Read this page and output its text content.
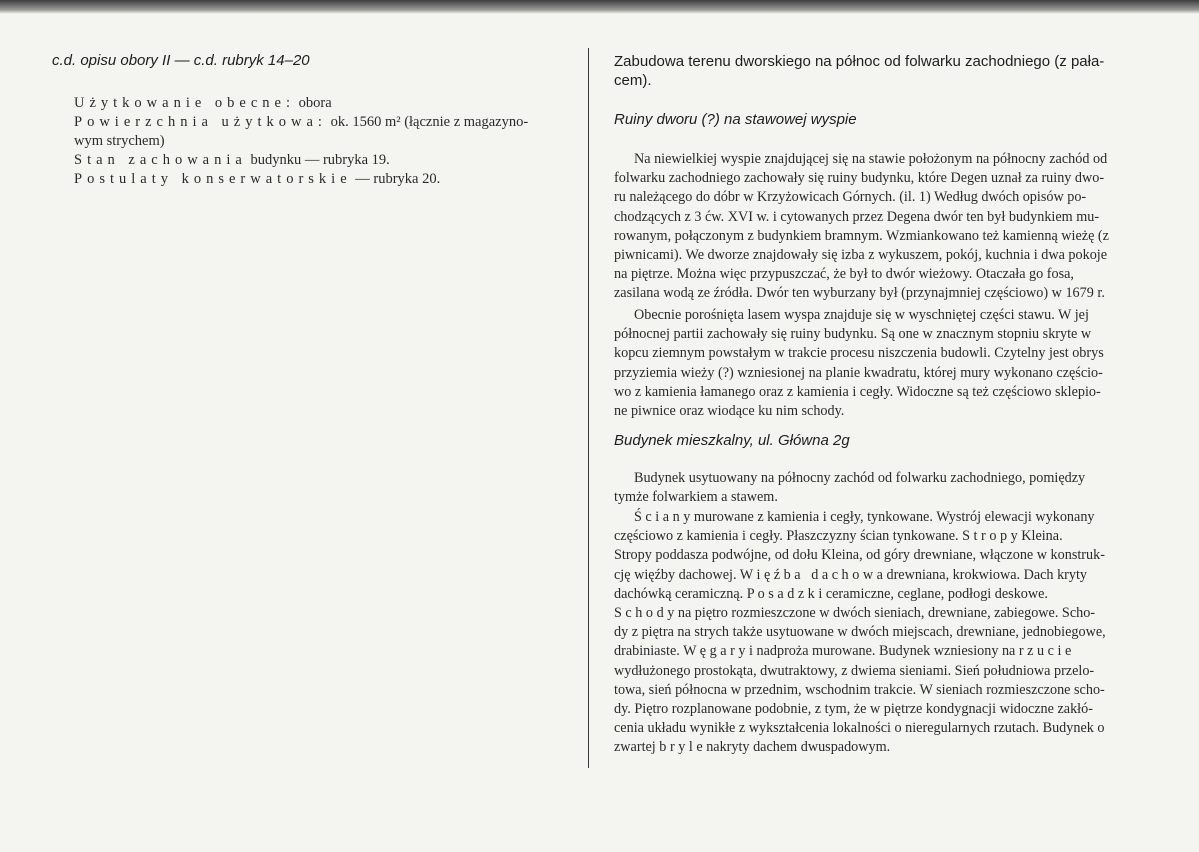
c.d. opisu obory II — c.d. rubryk 14–20
Użytkowanie obecne: obora
Powierzchnia użytkowa: ok. 1560 m² (łącznie z magazyno-
wym strychem)
Stan zachowania budynku — rubryka 19.
Postulaty konserwatorskie — rubryka 20.
Zabudowa terenu dworskiego na północ od folwarku zachodniego (z pała-
cem).
Ruiny dworu (?) na stawowej wyspie
Na niewielkiej wyspie znajdującej się na stawie położonym na północny zachód od
folwarku zachodniego zachowały się ruiny budynku, które Degen uznał za ruiny dwo-
ru należącego do dóbr w Krzyżowicach Górnych. (il. 1) Według dwóch opisów po-
chodzących z 3 ćw. XVI w. i cytowanych przez Degena dwór ten był budynkiem mu-
rowanym, połączonym z budynkiem bramnym. Wzmiankowano też kamienną wieżę (z
piwnicami). We dworze znajdowały się izba z wykuszem, pokój, kuchnia i dwa pokoje
na piętrze. Można więc przypuszczać, że był to dwór wieżowy. Otaczała go fosa,
zasilana wodą ze źródła. Dwór ten wyburzany był (przynajmniej częściowo) w 1679 r.
Obecnie porośnięta lasem wyspa znajduje się w wyschniętej części stawu. W jej
północnej partii zachowały się ruiny budynku. Są one w znacznym stopniu skryte w
kopcu ziemnym powstałym w trakcie procesu niszczenia budowli. Czytelny jest obrys
przyziemia wieży (?) wzniesionej na planie kwadratu, której mury wykonano częścio-
wo z kamienia łamanego oraz z kamienia i cegły. Widoczne są też częściowo sklepio-
ne piwnice oraz wiodące ku nim schody.
Budynek mieszkalny, ul. Główna 2g
Budynek usytuowany na północny zachód od folwarku zachodniego, pomiędzy
tymże folwarkiem a stawem.
Ś c i a n y murowane z kamienia i cegły, tynkowane. Wystrój elewacji wykonany
częściowo z kamienia i cegły. Płaszczyzny ścian tynkowane. S t r o p y Kleina.
Stropy poddasza podwójne, od dołu Kleina, od góry drewniane, włączone w konstruk-
cję więźby dachowej. W i ę ź b a   d a c h o w a drewniana, krokwiowa. Dach kryty
dachówką ceramiczną. P o s a d z k i ceramiczne, ceglane, podłogi deskowe.
S c h o d y na piętro rozmieszczone w dwóch sieniach, drewniane, zabiegowe. Scho-
dy z piętra na strych także usytuowane w dwóch miejscach, drewniane, jednobiegowe,
drabiniaste. W ę g a r y i nadproża murowane. Budynek wzniesiony na r z u c i e
wydłużonego prostokąta, dwutraktowy, z dwiema sieniami. Sień południowa przelo-
towa, sień północna w przednim, wschodnim trakcie. W sieniach rozmieszczone scho-
dy. Piętro rozplanowane podobnie, z tym, że w piętrze kondygnacji widoczne zakłó-
cenia układu wynikłe z wykształcenia lokalności o nieregularnych rzutach. Budynek o
zwartej b r y l e nakryty dachem dwuspadowym.
